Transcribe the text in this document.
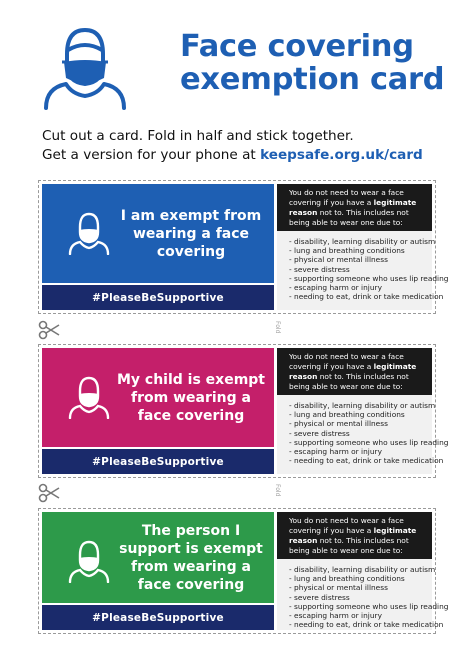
Face covering
exemption card
Cut out a card. Fold in half and stick together.
Get a version for your phone at keepsafe.org.uk/card
I am exempt from wearing a face covering
#PleaseBeSupportive
You do not need to wear a face covering if you have a legitimate reason not to. This includes not being able to wear one due to:
- disability, learning disability or autism
- lung and breathing conditions
- physical or mental illness
- severe distress
- supporting someone who uses lip reading
- escaping harm or injury
- needing to eat, drink or take medication
Fold
My child is exempt from wearing a face covering
#PleaseBeSupportive
You do not need to wear a face covering if you have a legitimate reason not to. This includes not being able to wear one due to:
- disability, learning disability or autism
- lung and breathing conditions
- physical or mental illness
- severe distress
- supporting someone who uses lip reading
- escaping harm or injury
- needing to eat, drink or take medication
Fold
The person I support is exempt from wearing a face covering
#PleaseBeSupportive
You do not need to wear a face covering if you have a legitimate reason not to. This includes not being able to wear one due to:
- disability, learning disability or autism
- lung and breathing conditions
- physical or mental illness
- severe distress
- supporting someone who uses lip reading
- escaping harm or injury
- needing to eat, drink or take medication
